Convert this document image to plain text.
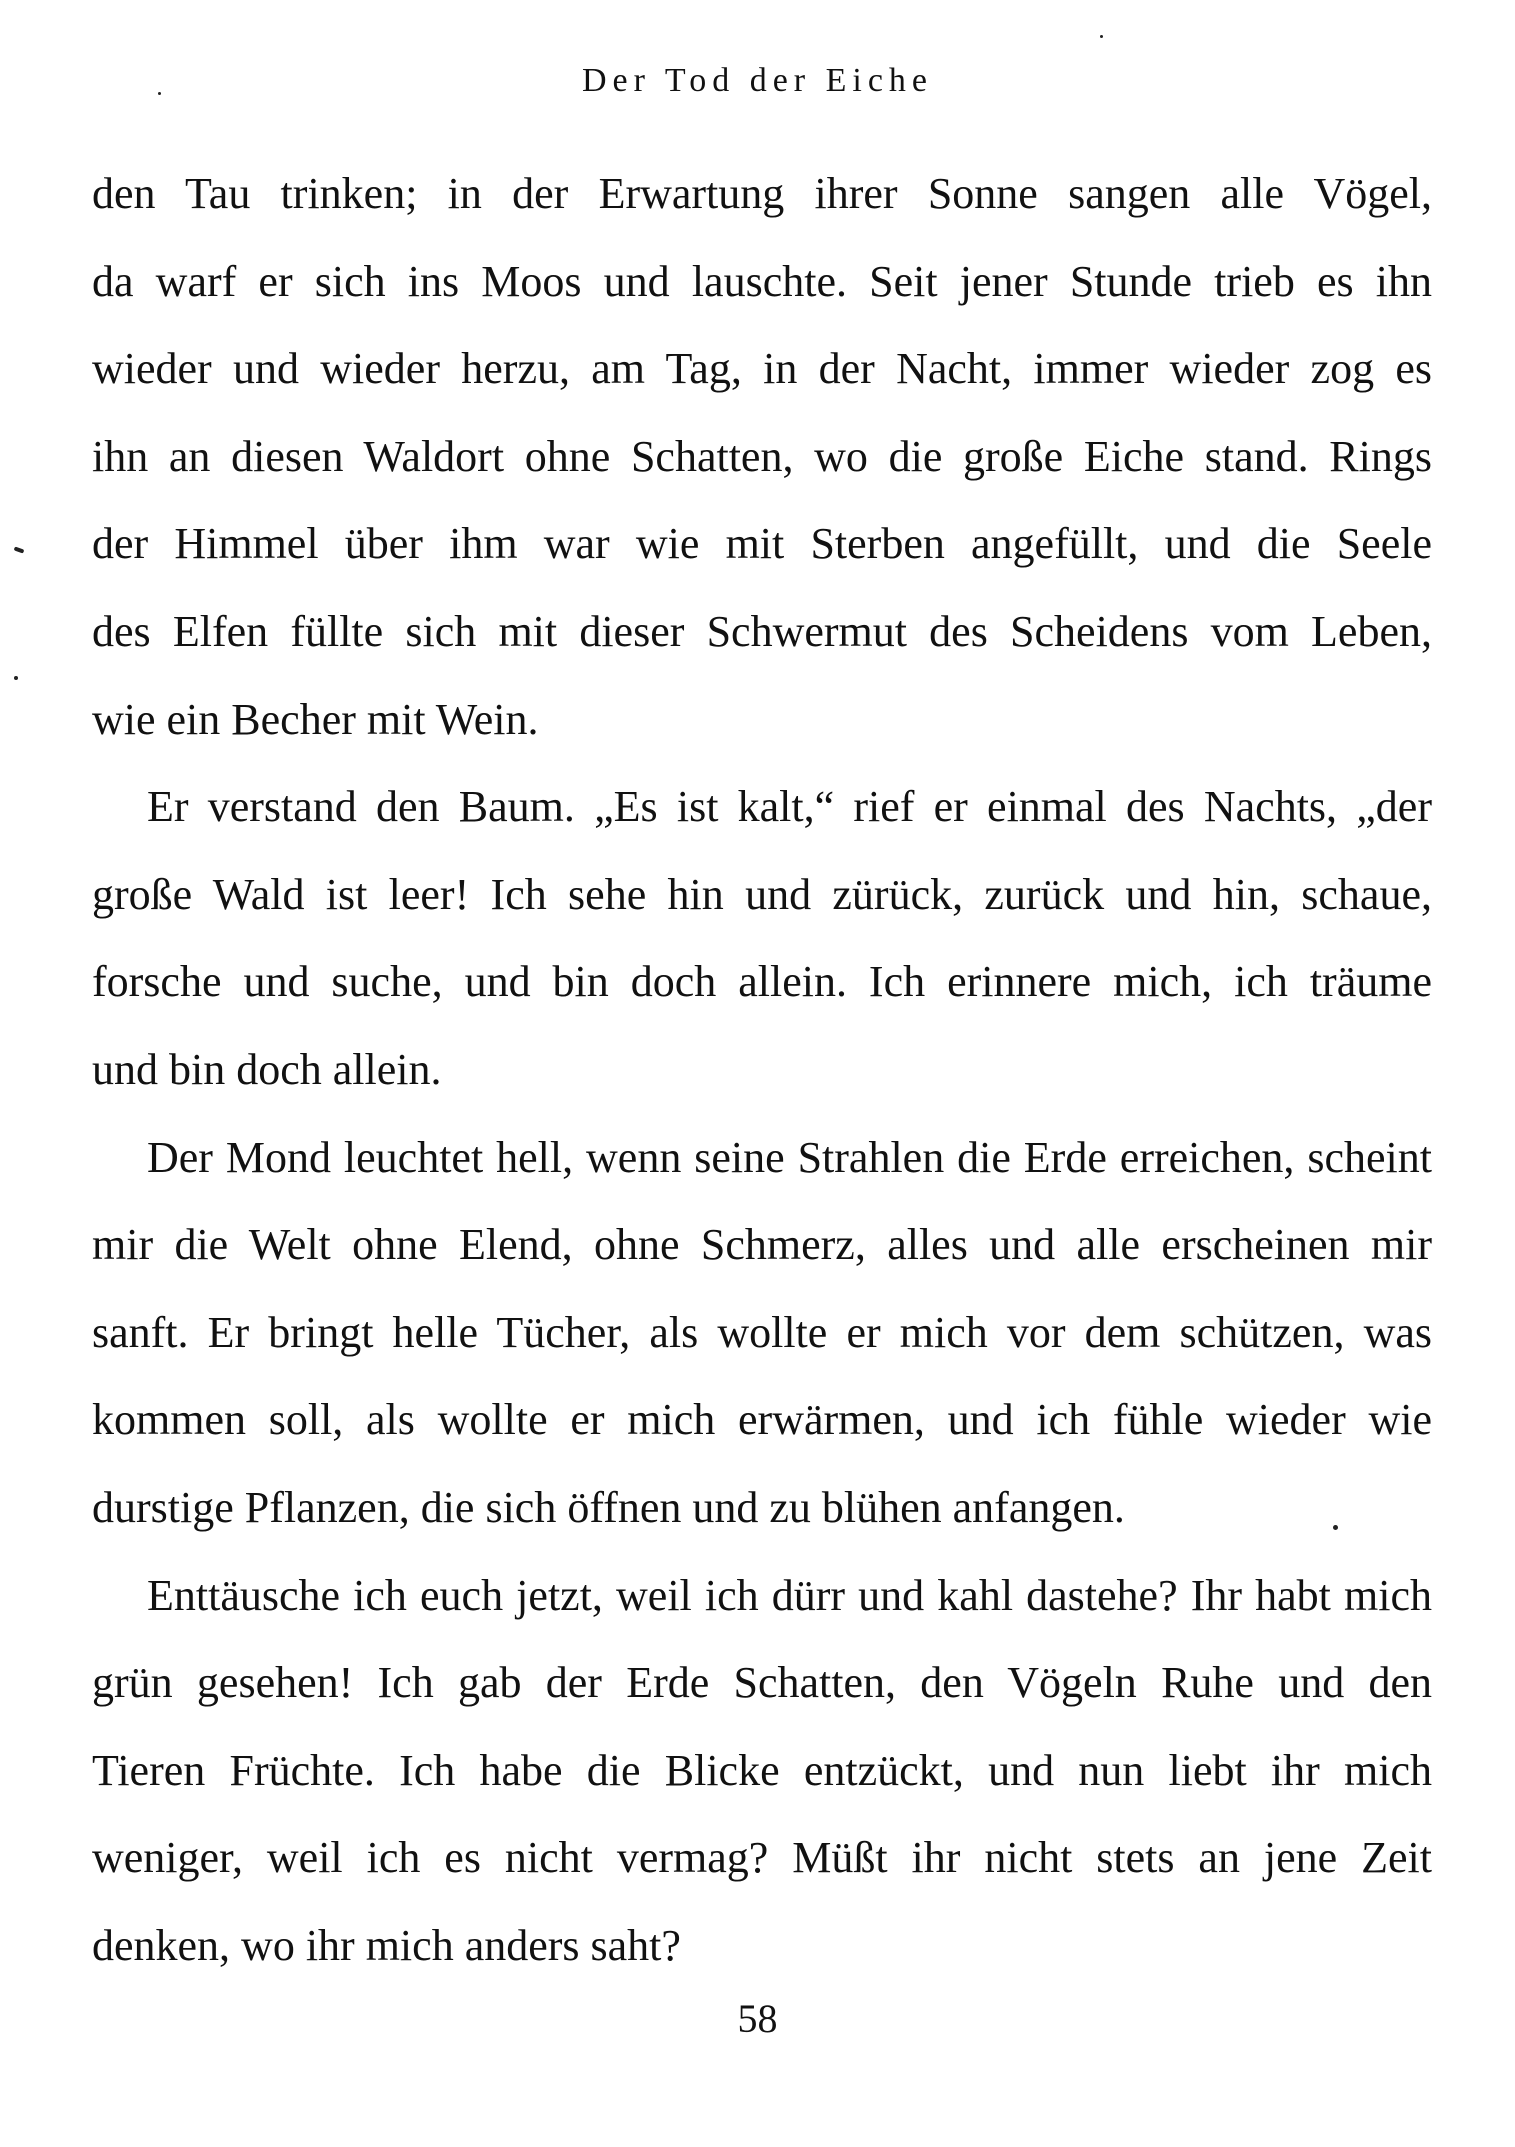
Der Tod der Eiche
den Tau trinken; in der Erwartung ihrer Sonne sangen alle Vögel,
da warf er sich ins Moos und lauschte. Seit jener Stunde trieb es ihn
wieder und wieder herzu, am Tag, in der Nacht, immer wieder zog es
ihn an diesen Waldort ohne Schatten, wo die große Eiche stand. Rings
der Himmel über ihm war wie mit Sterben angefüllt, und die Seele
des Elfen füllte sich mit dieser Schwermut des Scheidens vom Leben,
wie ein Becher mit Wein.
Er verstand den Baum. „Es ist kalt,“ rief er einmal des Nachts, „der
große Wald ist leer! Ich sehe hin und zürück, zurück und hin, schaue,
forsche und suche, und bin doch allein. Ich erinnere mich, ich träume
und bin doch allein.
Der Mond leuchtet hell, wenn seine Strahlen die Erde erreichen, scheint
mir die Welt ohne Elend, ohne Schmerz, alles und alle erscheinen mir
sanft. Er bringt helle Tücher, als wollte er mich vor dem schützen, was
kommen soll, als wollte er mich erwärmen, und ich fühle wieder wie
durstige Pflanzen, die sich öffnen und zu blühen anfangen.
Enttäusche ich euch jetzt, weil ich dürr und kahl dastehe? Ihr habt mich
grün gesehen! Ich gab der Erde Schatten, den Vögeln Ruhe und den
Tieren Früchte. Ich habe die Blicke entzückt, und nun liebt ihr mich
weniger, weil ich es nicht vermag? Müßt ihr nicht stets an jene Zeit
denken, wo ihr mich anders saht?
58
